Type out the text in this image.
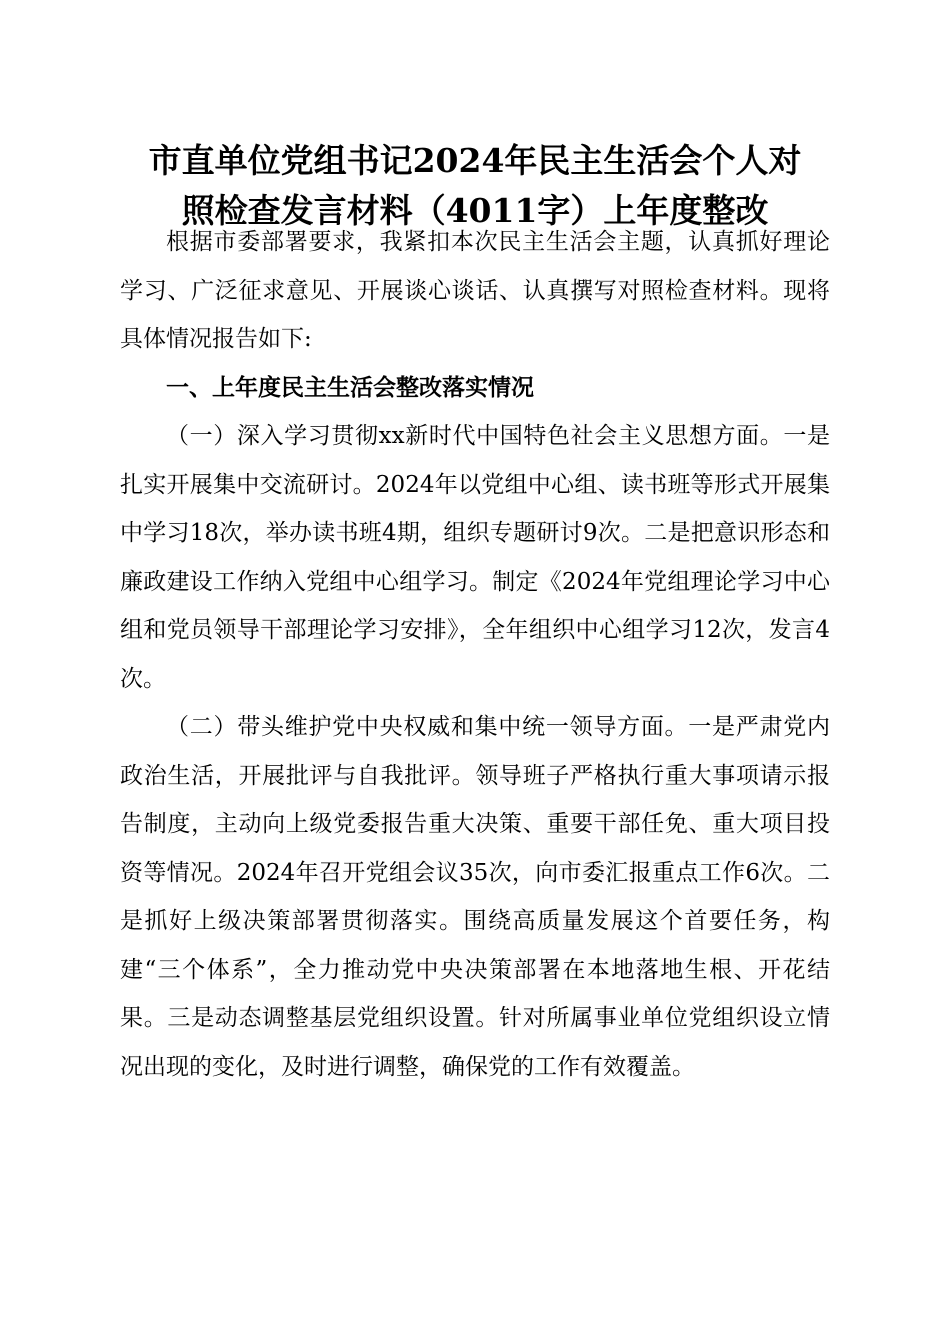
市直单位党组书记2024年民主生活会个人对
照检查发言材料（4011字）上年度整改

根据市委部署要求，我紧扣本次民主生活会主题，认真抓好理论学习、广泛征求意见、开展谈心谈话、认真撰写对照检查材料。现将具体情况报告如下:

一、上年度民主生活会整改落实情况

（一）深入学习贯彻xx新时代中国特色社会主义思想方面。一是扎实开展集中交流研讨。2024年以党组中心组、读书班等形式开展集中学习18次，举办读书班4期，组织专题研讨9次。二是把意识形态和廉政建设工作纳入党组中心组学习。制定《2024年党组理论学习中心组和党员领导干部理论学习安排》，全年组织中心组学习12次，发言4次。

（二）带头维护党中央权威和集中统一领导方面。一是严肃党内政治生活，开展批评与自我批评。领导班子严格执行重大事项请示报告制度，主动向上级党委报告重大决策、重要干部任免、重大项目投资等情况。2024年召开党组会议35次，向市委汇报重点工作6次。二是抓好上级决策部署贯彻落实。围绕高质量发展这个首要任务，构建“三个体系”，全力推动党中央决策部署在本地落地生根、开花结果。三是动态调整基层党组织设置。针对所属事业单位党组织设立情况出现的变化，及时进行调整，确保党的工作有效覆盖。
